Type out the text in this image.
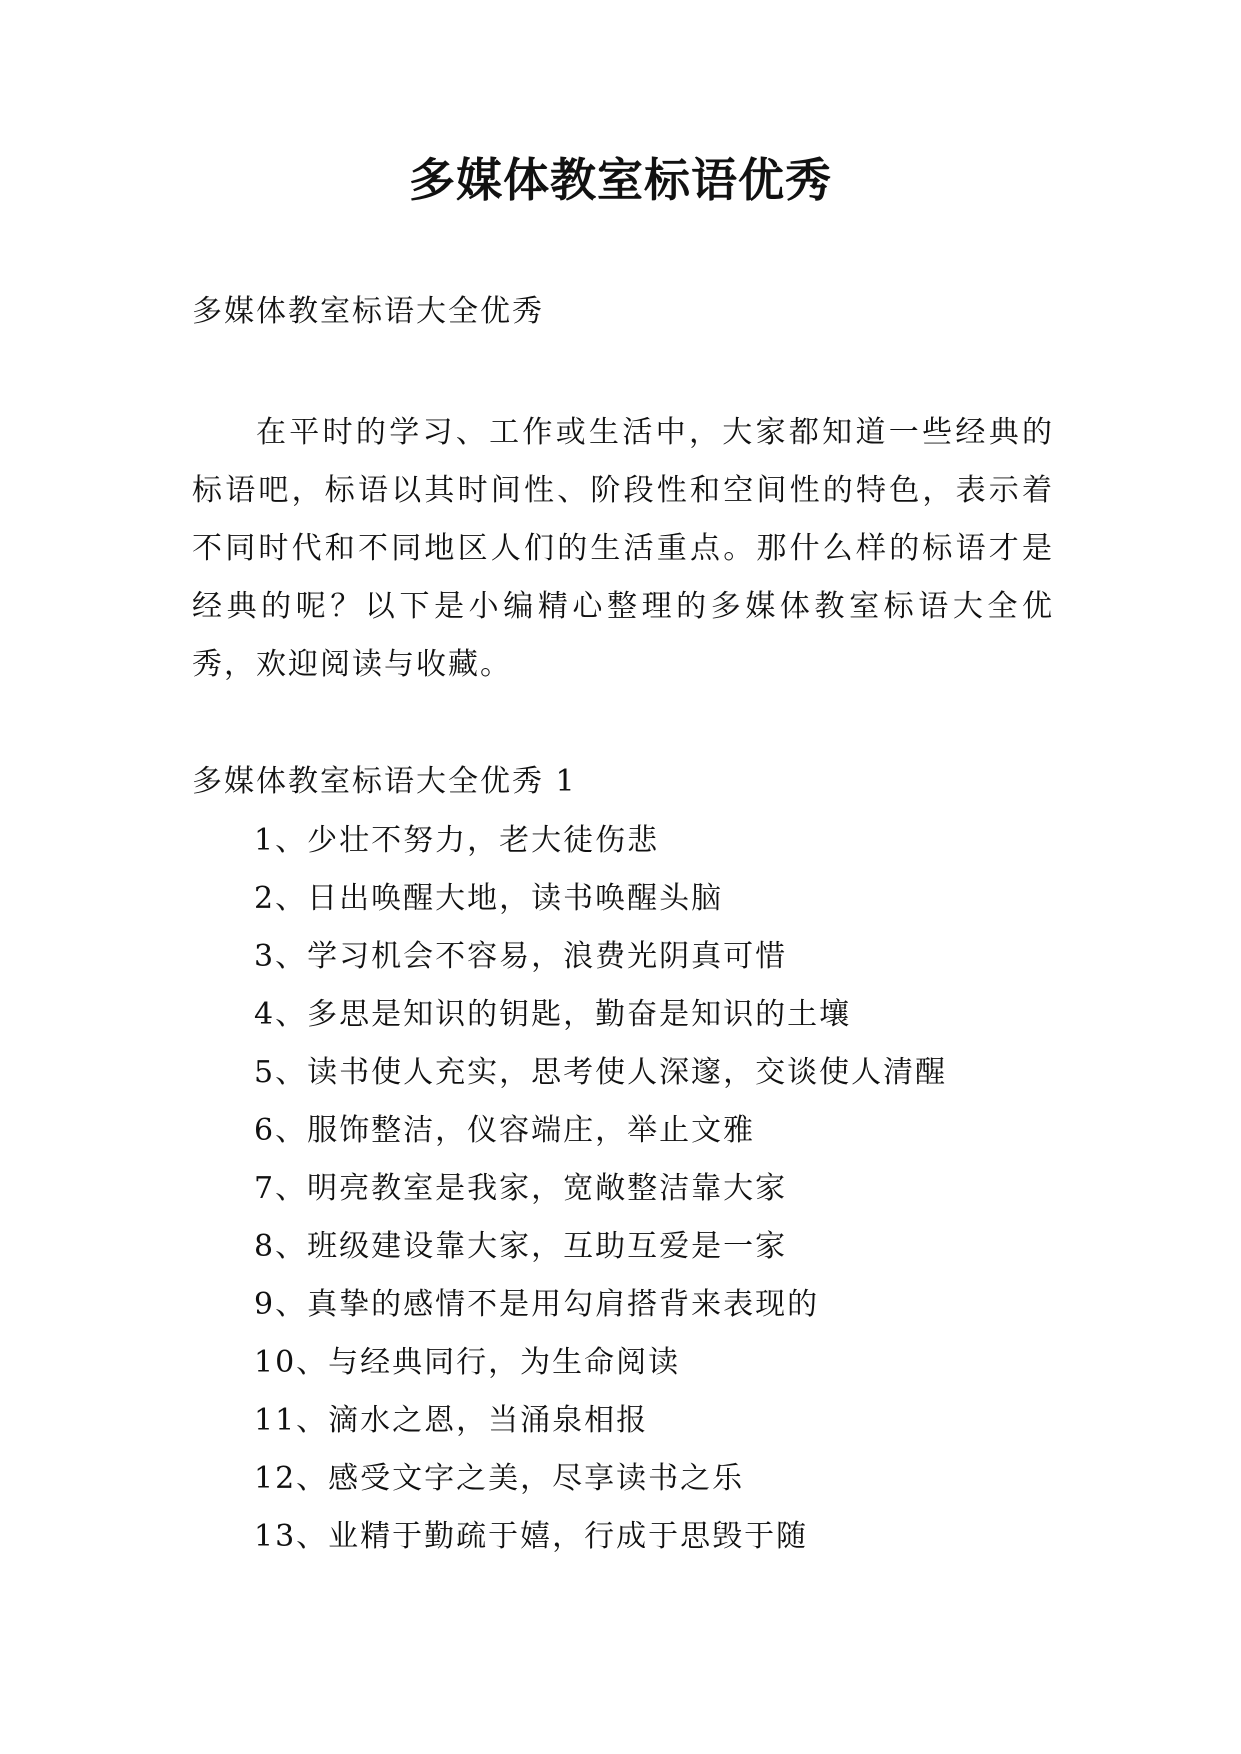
多媒体教室标语优秀

多媒体教室标语大全优秀

在平时的学习、工作或生活中，大家都知道一些经典的标语吧，标语以其时间性、阶段性和空间性的特色，表示着不同时代和不同地区人们的生活重点。那什么样的标语才是经典的呢？以下是小编精心整理的多媒体教室标语大全优秀，欢迎阅读与收藏。

多媒体教室标语大全优秀 1

1、少壮不努力，老大徒伤悲
2、日出唤醒大地，读书唤醒头脑
3、学习机会不容易，浪费光阴真可惜
4、多思是知识的钥匙，勤奋是知识的土壤
5、读书使人充实，思考使人深邃，交谈使人清醒
6、服饰整洁，仪容端庄，举止文雅
7、明亮教室是我家，宽敞整洁靠大家
8、班级建设靠大家，互助互爱是一家
9、真挚的感情不是用勾肩搭背来表现的
10、与经典同行，为生命阅读
11、滴水之恩，当涌泉相报
12、感受文字之美，尽享读书之乐
13、业精于勤疏于嬉，行成于思毁于随
